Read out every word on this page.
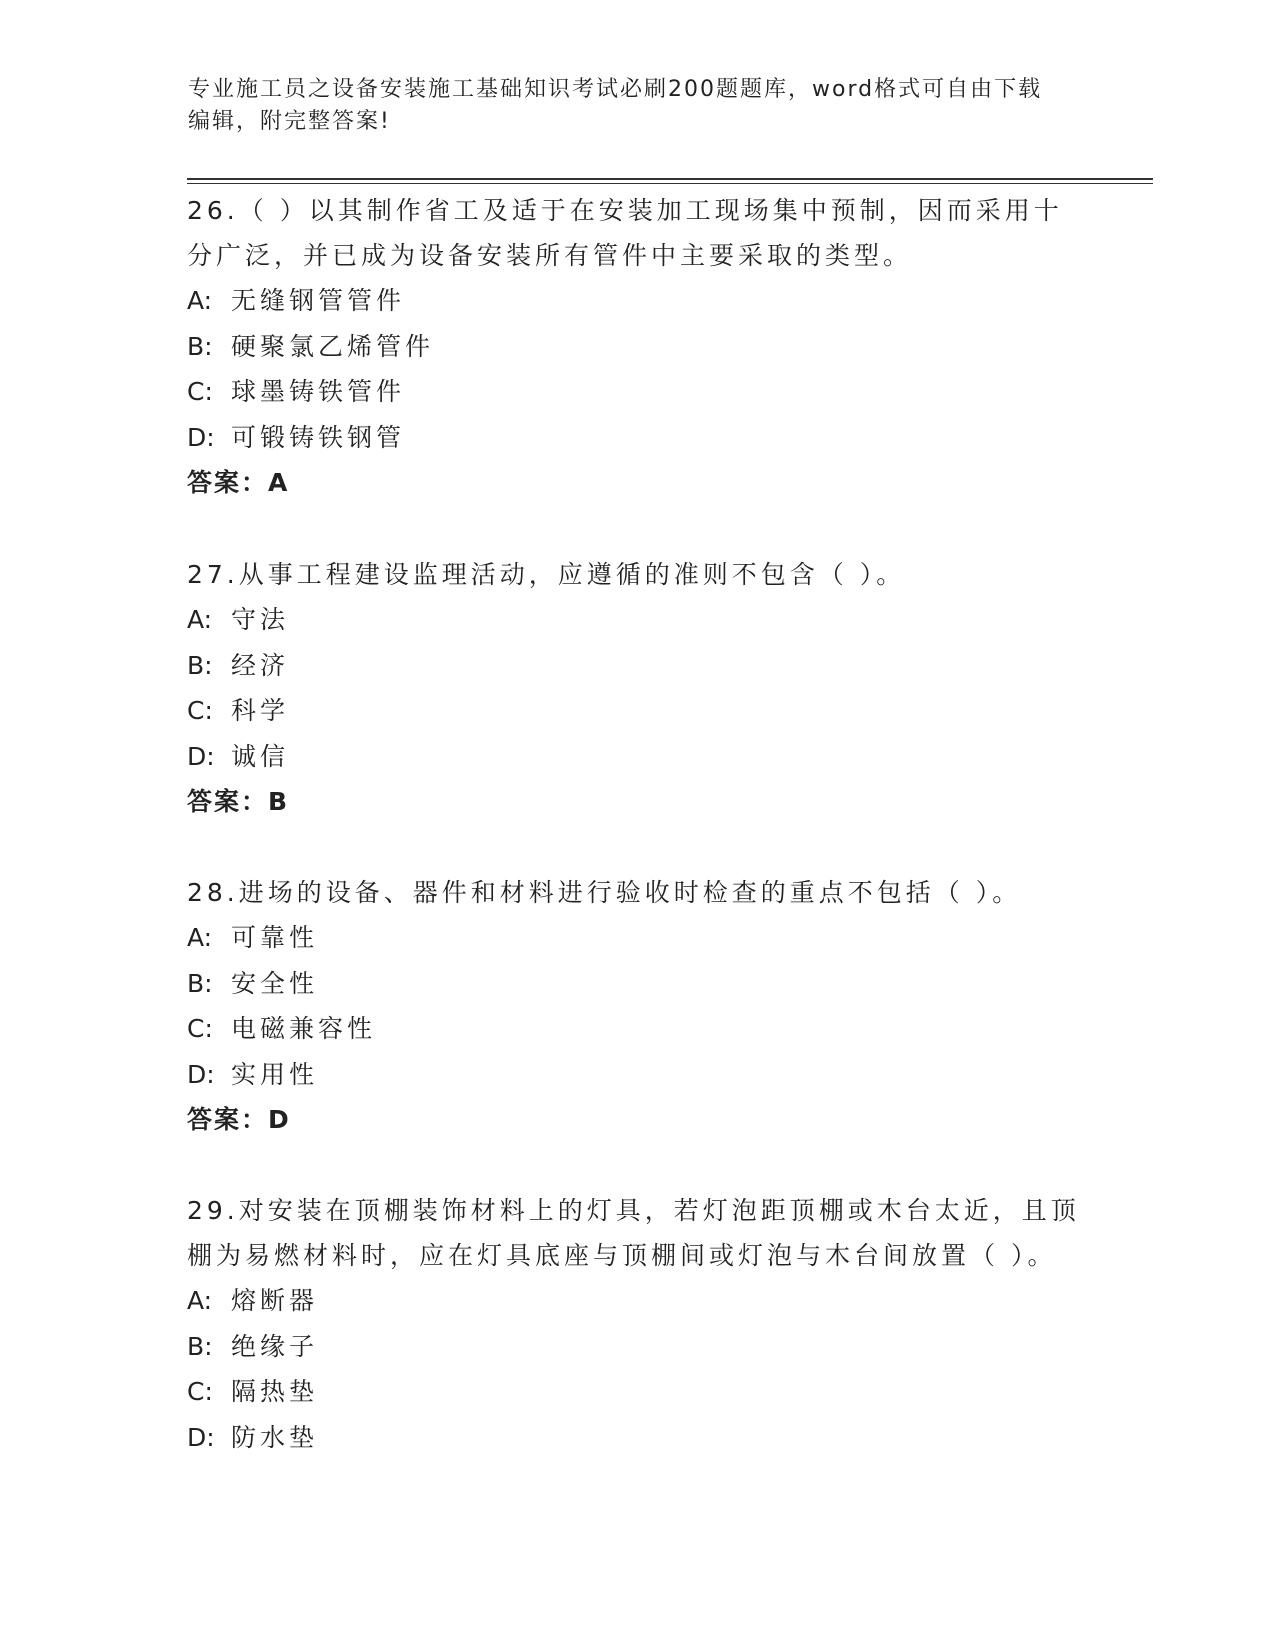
专业施工员之设备安装施工基础知识考试必刷200题题库，word格式可自由下载
编辑，附完整答案!

26.（ ）以其制作省工及适于在安装加工现场集中预制，因而采用十

分广泛，并已成为设备安装所有管件中主要采取的类型。

A: 无缝钢管管件

B: 硬聚氯乙烯管件

C: 球墨铸铁管件

D: 可锻铸铁钢管

答案：A

27.从事工程建设监理活动，应遵循的准则不包含（ ）。

A: 守法

B: 经济

C: 科学

D: 诚信

答案：B

28.进场的设备、器件和材料进行验收时检查的重点不包括（ ）。

A: 可靠性

B: 安全性

C: 电磁兼容性

D: 实用性

答案：D

29.对安装在顶棚装饰材料上的灯具，若灯泡距顶棚或木台太近，且顶

棚为易燃材料时，应在灯具底座与顶棚间或灯泡与木台间放置（ ）。

A: 熔断器

B: 绝缘子

C: 隔热垫

D: 防水垫
